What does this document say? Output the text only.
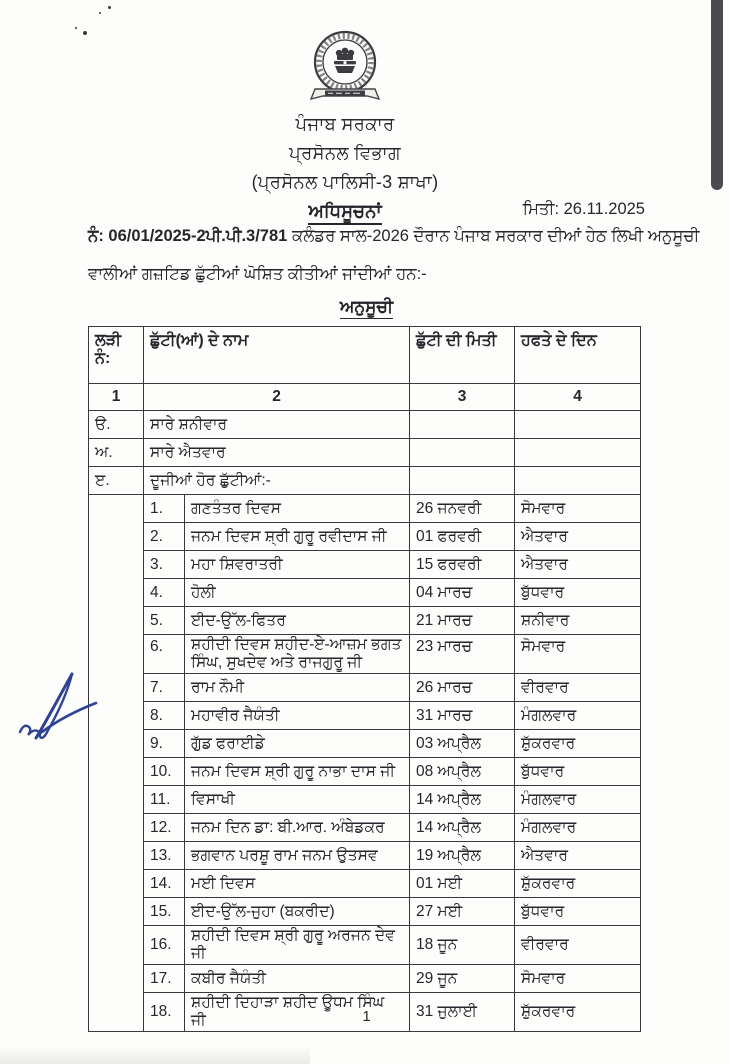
ਪੰਜਾਬ ਸਰਕਾਰ
ਪ੍ਰਸੋਨਲ ਵਿਭਾਗ
(ਪ੍ਰਸੋਨਲ ਪਾਲਿਸੀ-3 ਸ਼ਾਖਾ)
ਅਧਿਸੂਚਨਾਂ	ਮਿਤੀ: 26.11.2025
ਨੰ: 06/01/2025-2ਪੀ.ਪੀ.3/781 ਕਲੰਡਰ ਸਾਲ-2026 ਦੌਰਾਨ ਪੰਜਾਬ ਸਰਕਾਰ ਦੀਆਂ ਹੇਠ ਲਿਖੀ ਅਨੁਸੂਚੀ
ਵਾਲੀਆਂ ਗਜ਼ਟਿਡ ਛੁੱਟੀਆਂ ਘੋਸ਼ਿਤ ਕੀਤੀਆਂ ਜਾਂਦੀਆਂ ਹਨ:-
ਅਨੁਸੂਚੀ
ਲੜੀ ਨੰ:	ਛੁੱਟੀ(ਆਂ) ਦੇ ਨਾਮ		ਛੁੱਟੀ ਦੀ ਮਿਤੀ	ਹਫਤੇ ਦੇ ਦਿਨ
1	2		3	4
ੳ.	ਸਾਰੇ ਸ਼ਨੀਵਾਰ			
ਅ.	ਸਾਰੇ ਐਤਵਾਰ			
ੲ.	ਦੂਜੀਆਂ ਹੋਰ ਛੁੱਟੀਆਂ:-			
	1.	ਗਣਤੰਤਰ ਦਿਵਸ	26 ਜਨਵਰੀ	ਸੋਮਵਾਰ
	2.	ਜਨਮ ਦਿਵਸ ਸ਼੍ਰੀ ਗੁਰੂ ਰਵੀਦਾਸ ਜੀ	01 ਫਰਵਰੀ	ਐਤਵਾਰ
	3.	ਮਹਾ ਸ਼ਿਵਰਾਤਰੀ	15 ਫਰਵਰੀ	ਐਤਵਾਰ
	4.	ਹੋਲੀ	04 ਮਾਰਚ	ਬੁੱਧਵਾਰ
	5.	ਈਦ-ਉੱਲ-ਫਿਤਰ	21 ਮਾਰਚ	ਸ਼ਨੀਵਾਰ
	6.	ਸ਼ਹੀਦੀ ਦਿਵਸ ਸ਼ਹੀਦ-ਏ-ਆਜ਼ਮ ਭਗਤ ਸਿੰਘ, ਸੁਖਦੇਵ ਅਤੇ ਰਾਜਗੁਰੂ ਜੀ	23 ਮਾਰਚ	ਸੋਮਵਾਰ
	7.	ਰਾਮ ਨੌਮੀ	26 ਮਾਰਚ	ਵੀਰਵਾਰ
	8.	ਮਹਾਵੀਰ ਜੈਯੰਤੀ	31 ਮਾਰਚ	ਮੰਗਲਵਾਰ
	9.	ਗੁੱਡ ਫਰਾਈਡੇ	03 ਅਪ੍ਰੈਲ	ਸ਼ੁੱਕਰਵਾਰ
	10.	ਜਨਮ ਦਿਵਸ ਸ਼੍ਰੀ ਗੁਰੂ ਨਾਭਾ ਦਾਸ ਜੀ	08 ਅਪ੍ਰੈਲ	ਬੁੱਧਵਾਰ
	11.	ਵਿਸਾਖੀ	14 ਅਪ੍ਰੈਲ	ਮੰਗਲਵਾਰ
	12.	ਜਨਮ ਦਿਨ ਡਾ: ਬੀ.ਆਰ. ਅੰਬੇਡਕਰ	14 ਅਪ੍ਰੈਲ	ਮੰਗਲਵਾਰ
	13.	ਭਗਵਾਨ ਪਰਸ਼ੂ ਰਾਮ ਜਨਮ ਉਤਸਵ	19 ਅਪ੍ਰੈਲ	ਐਤਵਾਰ
	14.	ਮਈ ਦਿਵਸ	01 ਮਈ	ਸ਼ੁੱਕਰਵਾਰ
	15.	ਈਦ-ਉੱਲ-ਜੁਹਾ (ਬਕਰੀਦ)	27 ਮਈ	ਬੁੱਧਵਾਰ
	16.	ਸ਼ਹੀਦੀ ਦਿਵਸ ਸ਼੍ਰੀ ਗੁਰੂ ਅਰਜਨ ਦੇਵ ਜੀ	18 ਜੂਨ	ਵੀਰਵਾਰ
	17.	ਕਬੀਰ ਜੈਯੰਤੀ	29 ਜੂਨ	ਸੋਮਵਾਰ
	18.	ਸ਼ਹੀਦੀ ਦਿਹਾੜਾ ਸ਼ਹੀਦ ਊਧਮ ਸਿੰਘ ਜੀ	31 ਜੁਲਾਈ	ਸ਼ੁੱਕਰਵਾਰ
1
